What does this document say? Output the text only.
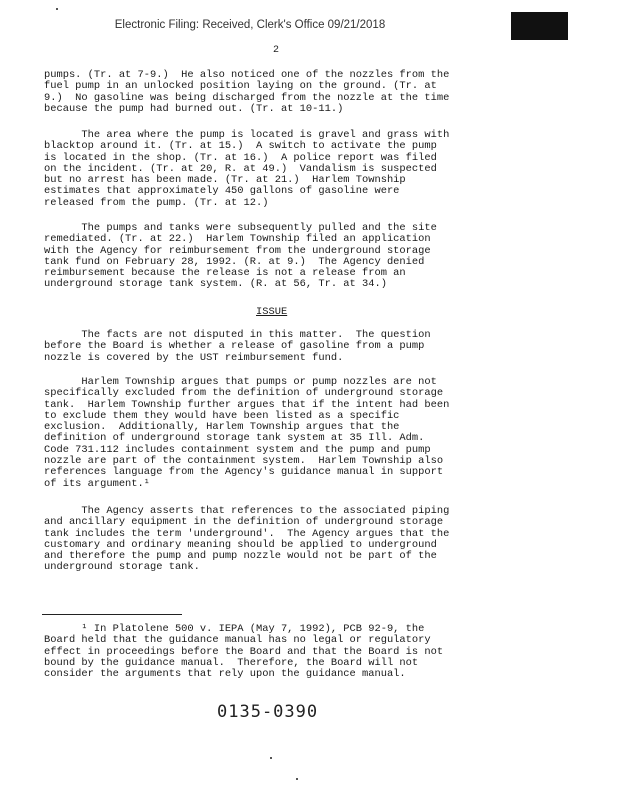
Electronic Filing: Received, Clerk's Office 09/21/2018
2
pumps. (Tr. at 7-9.)  He also noticed one of the nozzles from the
fuel pump in an unlocked position laying on the ground. (Tr. at
9.)  No gasoline was being discharged from the nozzle at the time
because the pump had burned out. (Tr. at 10-11.)
The area where the pump is located is gravel and grass with
blacktop around it. (Tr. at 15.)  A switch to activate the pump
is located in the shop. (Tr. at 16.)  A police report was filed
on the incident. (Tr. at 20, R. at 49.)  Vandalism is suspected
but no arrest has been made. (Tr. at 21.)  Harlem Township
estimates that approximately 450 gallons of gasoline were
released from the pump. (Tr. at 12.)
The pumps and tanks were subsequently pulled and the site
remediated. (Tr. at 22.)  Harlem Township filed an application
with the Agency for reimbursement from the underground storage
tank fund on February 28, 1992. (R. at 9.)  The Agency denied
reimbursement because the release is not a release from an
underground storage tank system. (R. at 56, Tr. at 34.)
ISSUE
The facts are not disputed in this matter.  The question
before the Board is whether a release of gasoline from a pump
nozzle is covered by the UST reimbursement fund.
Harlem Township argues that pumps or pump nozzles are not
specifically excluded from the definition of underground storage
tank.  Harlem Township further argues that if the intent had been
to exclude them they would have been listed as a specific
exclusion.  Additionally, Harlem Township argues that the
definition of underground storage tank system at 35 Ill. Adm.
Code 731.112 includes containment system and the pump and pump
nozzle are part of the containment system.  Harlem Township also
references language from the Agency's guidance manual in support
of its argument.¹
The Agency asserts that references to the associated piping
and ancillary equipment in the definition of underground storage
tank includes the term 'underground'.  The Agency argues that the
customary and ordinary meaning should be applied to underground
and therefore the pump and pump nozzle would not be part of the
underground storage tank.
¹ In Platolene 500 v. IEPA (May 7, 1992), PCB 92-9, the
Board held that the guidance manual has no legal or regulatory
effect in proceedings before the Board and that the Board is not
bound by the guidance manual.  Therefore, the Board will not
consider the arguments that rely upon the guidance manual.
0135-0390
